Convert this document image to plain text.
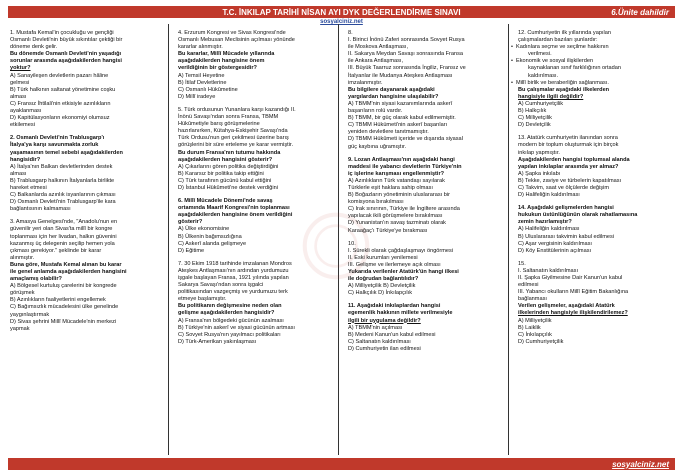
T.C. İNKILAP TARİHİ NİSAN AYI DYK DEĞERLENDİRME SINAVI	6.Ünite dahildir
sosyalciniz.net

1. Mustafa Kemal'in çocukluğu ve gençliği

Osmanlı Devleti'nin büyük sıkıntılar çektiği bir

döneme denk gelir.

Bu dönemde Osmanlı Devleti'nin yaşadığı

sorunlar arasında aşağıdakilerden hangisi

yoktur?

A) Sanayileşen devletlerin pazarı hâline

gelmesi

B) Türk halkının saltanat yönetimine coşku

alması

C) Fransız İhtilali'nin etkisiyle azınlıkların

ayaklanması

D) Kapitülasyonların ekonomiyi olumsuz

etkilemesi

2. Osmanlı Devleti'nin Trablusgarp'ı

İtalya'ya karşı savunmakta zorluk

yaşamasının temel sebebi aşağıdakilerden

hangisidir?

A) İtalya'nın Balkan devletlerinden destek

alması

B) Trablusgarp halkının İtalyanlarla birlikte

hareket etmesi

C) Balkanlarda azınlık isyanlarının çıkması

D) Osmanlı Devleti'nin Trablusgarp'ile kara

bağlantısının kalmaması

3. Amasya Genelgesi'nde, "Anadolu'nun en

güvenilir yeri olan Sivas'ta millî bir kongre

toplanması için her livadan, halkın güvenini

kazanmış üç delegenin seçilip hemen yola

çıkması gerekiyor." şeklinde bir karar

alınmıştır.

Buna göre, Mustafa Kemal alınan bu karar

ile genel anlamda aşağıdakilerden hangisini

amaçlamış olabilir?

A) Bölgesel kurtuluş çarelerini bir kongrede

görüşmek

B) Azınlıkların faaliyetlerini engellemek

C) Bağımsızlık mücadelesini ülke genelinde

yaygınlaştırmak

D) Sivas şehrini Millî Mücadele'nin merkezi

yapmak

4. Erzurum Kongresi ve Sivas Kongresi'nde

Osmanlı Mebusan Meclisinin açılması yönünde

kararlar alınmıştır.

Bu kararlar, Millî Mücadele yıllarında

aşağıdakilerden hangisine önem

verildiğinin bir göstergesidir?

A) Temsil Heyetine

B) İtilaf Devletlerine

C) Osmanlı Hükûmetine

D) Millî iradeye

5. Türk ordusunun Yunanlara karşı kazandığı II.

İnönü Savaşı'ndan sonra Fransa, TBMM

Hükûmetiyle barış görüşmelerine

hazırlanırken, Kütahya-Eskişehir Savaşı'nda

Türk Ordusu'nun geri çekilmesi üzerine barış

görüşlerini bir süre erteleme ye karar vermiştir.

Bu durum Fransa'nın tutumu hakkında

aşağıdakilerden hangisini gösterir?

A) Çıkarlarını gören politika değiştirdiğini

B) Kararsız bir politika takip ettiğini

C) Türk tarafının gücünü kabul ettiğini

D) İstanbul Hükûmeti'ne destek verdiğini

6. Millî Mücadele Dönemi'nde savaş

ortamında Maarif Kongresi'nin toplanması

aşağıdakilerden hangisine önem verildiğini

gösterir?

A) Ülke ekonomisine

B) Ülkenin bağımsızlığına

C) Askerî alanda gelişmeye

D) Eğitime

7. 30 Ekim 1918 tarihinde imzalanan Mondros

Ateşkes Antlaşması'nın ardından yurdumuzu

işgale başlayan Fransa, 1921 yılında yapılan

Sakarya Savaşı'ndan sonra işgalci

politikasından vazgeçmiş ve yurdumuzu terk

etmeye başlamıştır.

Bu politikanın değişmesine neden olan

gelişme aşağıdakilerden hangisidir?

A) Fransa'nın bölgedeki gücünün azalması

B) Türkiye'nin askerî ve siyasi gücünün artması

C) Sovyet Rusya'nın yayılmacı politikaları

D) Türk-Amerikan yakınlaşması

8.

I. Birinci İnönü Zaferi sonrasında Sovyet Rusya

ile Moskova Antlaşması,

II. Sakarya Meydan Savaşı sonrasında Fransa

ile Ankara Antlaşması,

III. Büyük Taarruz sonrasında İngiliz, Fransız ve

İtalyanlar ile Mudanya Ateşkes Antlaşması

imzalanmıştır.

Bu bilgilere dayanarak aşağıdaki

yargılardan hangisine ulaşılabilir?

A) TBMM'nin siyasi kazanımlarında askerî

başarıların rolü vardır.

B) TBMM, bir güç olarak kabul edilmemiştir.

C) TBMM Hükümeti'nin askerî başarıları

yeniden devletlere tanıtmamıştır.

D) TBMM Hükûmeti içeride ve dışarıda siyasal

güç kaybına uğramıştır.

9. Lozan Antlaşması'nın aşağıdaki hangi

maddesi ile yabancı devletlerin Türkiye'nin

iç işlerine karışması engellenmiştir?

A) Azınlıkların Türk vatandaşı sayılarak

Türklerle eşit haklara sahip olması

B) Boğazların yönetiminin uluslararası bir

komisyona bırakılması

C) Irak sınırının, Türkiye ile İngiltere arasında

yapılacak ikili görüşmelere bırakılması

D) Yunanistan'ın savaş tazminatı olarak

Karaağaç'ı Türkiye'ye bırakması

10.

I. Sürekli olarak çağdaşlaşmayı öngörmesi

II. Eski kurumları yenilemesi

III. Gelişme ve ilerlemeye açık olması

Yukarıda verilenler Atatürk'ün hangi ilkesi

ile doğrudan bağlantılıdır?

A) Milliyetçilik B) Devletçilik

C) Halkçılık D) İnkılapçılık

11. Aşağıdaki inkılaplardan hangisi

egemenlik hakkının millete verilmesiyle

ilgili bir uygulama değildir?

A) TBMM'nin açılması

B) Medeni Kanun'un kabul edilmesi

C) Saltanatın kaldırılması

D) Cumhuriyetin ilan edilmesi

12. Cumhuriyetin ilk yıllarında yapılan

çalışmalardan bazıları şunlardır:

• Kadınlara seçme ve seçilme hakkının

verilmesi.

• Ekonomik ve sosyal ilişkilerden

kaynaklanan sınıf farklılığının ortadan

kaldırılması.

• Millî birlik ve beraberliğin sağlanması.

Bu çalışmalar aşağıdaki ilkelerden

hangisiyle ilgili değildir?

A) Cumhuriyetçilik

B) Halkçılık

C) Milliyetçilik

D) Devletçilik

13. Atatürk cumhuriyetin ilanından sonra

modern bir toplum oluşturmak için birçok

inkılap yapmıştır.

Aşağıdakilerden hangisi toplumsal alanda

yapılan inkılaplar arasında yer almaz?

A) Şapka inkılabı

B) Tekke, zaviye ve türbelerin kapatılması

C) Takvim, saat ve ölçülerde değişim

D) Halifeliğin kaldırılması

14. Aşağıdaki gelişmelerden hangisi

hukukun üstünlüğünün olarak rahatlamasına

zemin hazırlamıştır?

A) Halifeliğin kaldırılması

B) Uluslararası takvimin kabul edilmesi

C) Aşar vergisinin kaldırılması

D) Köy Enstitülerinin açılması

15.

I. Saltanatın kaldırılması

II. Şapka Giyilmesine Dair Kanun'un kabul

edilmesi

III. Yabancı okulların Millî Eğitim Bakanlığına

bağlanması

Verilen gelişmeler, aşağıdaki Atatürk

ilkelerinden hangisiyle ilişkilendirilemez?

A) Milliyetçilik

B) Laiklik

C) İnkılapçılık

D) Cumhuriyetçilik

sosyalciniz.net
